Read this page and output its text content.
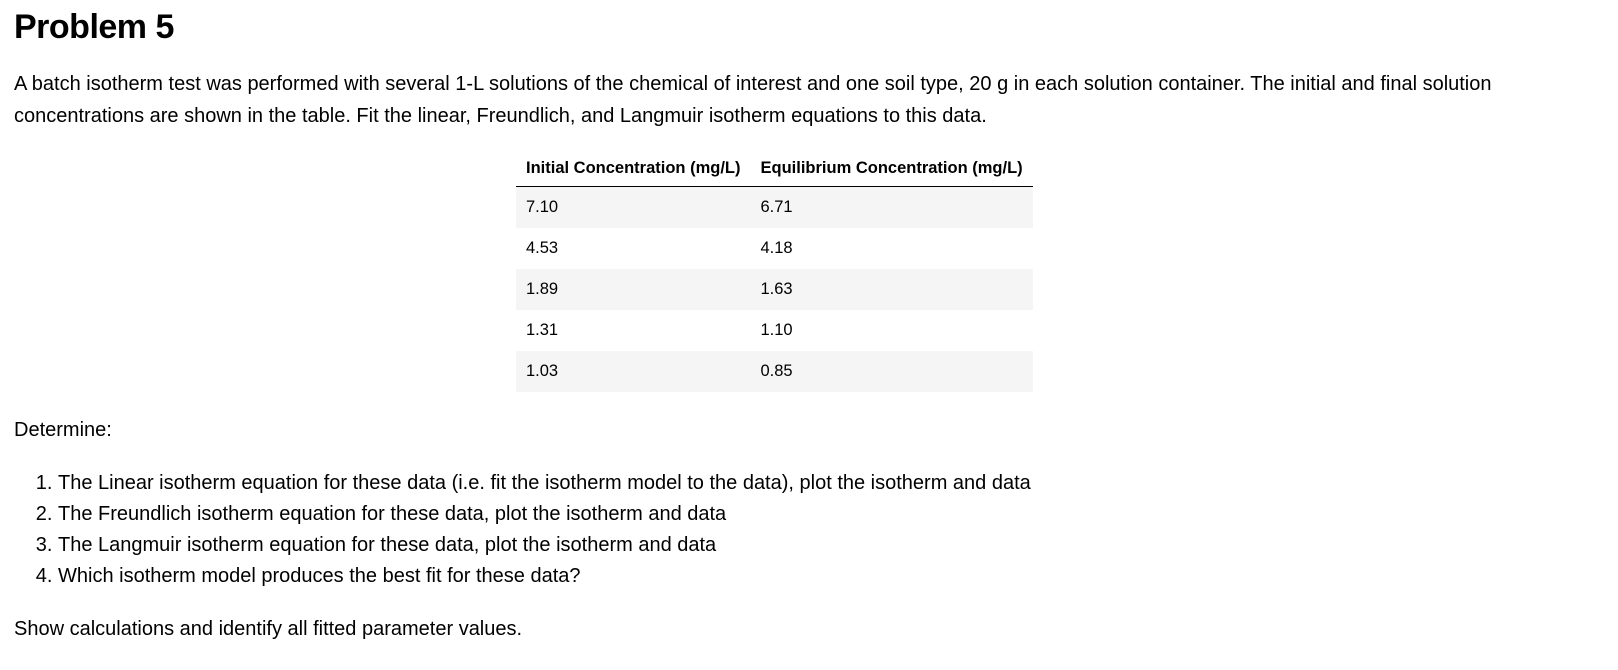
Problem 5

A batch isotherm test was performed with several 1-L solutions of the chemical of interest and one soil type, 20 g in each solution container. The initial and final solution concentrations are shown in the table. Fit the linear, Freundlich, and Langmuir isotherm equations to this data.

Initial Concentration (mg/L)	Equilibrium Concentration (mg/L)
7.10	6.71
4.53	4.18
1.89	1.63
1.31	1.10
1.03	0.85

Determine:

1. The Linear isotherm equation for these data (i.e. fit the isotherm model to the data), plot the isotherm and data
2. The Freundlich isotherm equation for these data, plot the isotherm and data
3. The Langmuir isotherm equation for these data, plot the isotherm and data
4. Which isotherm model produces the best fit for these data?

Show calculations and identify all fitted parameter values.
